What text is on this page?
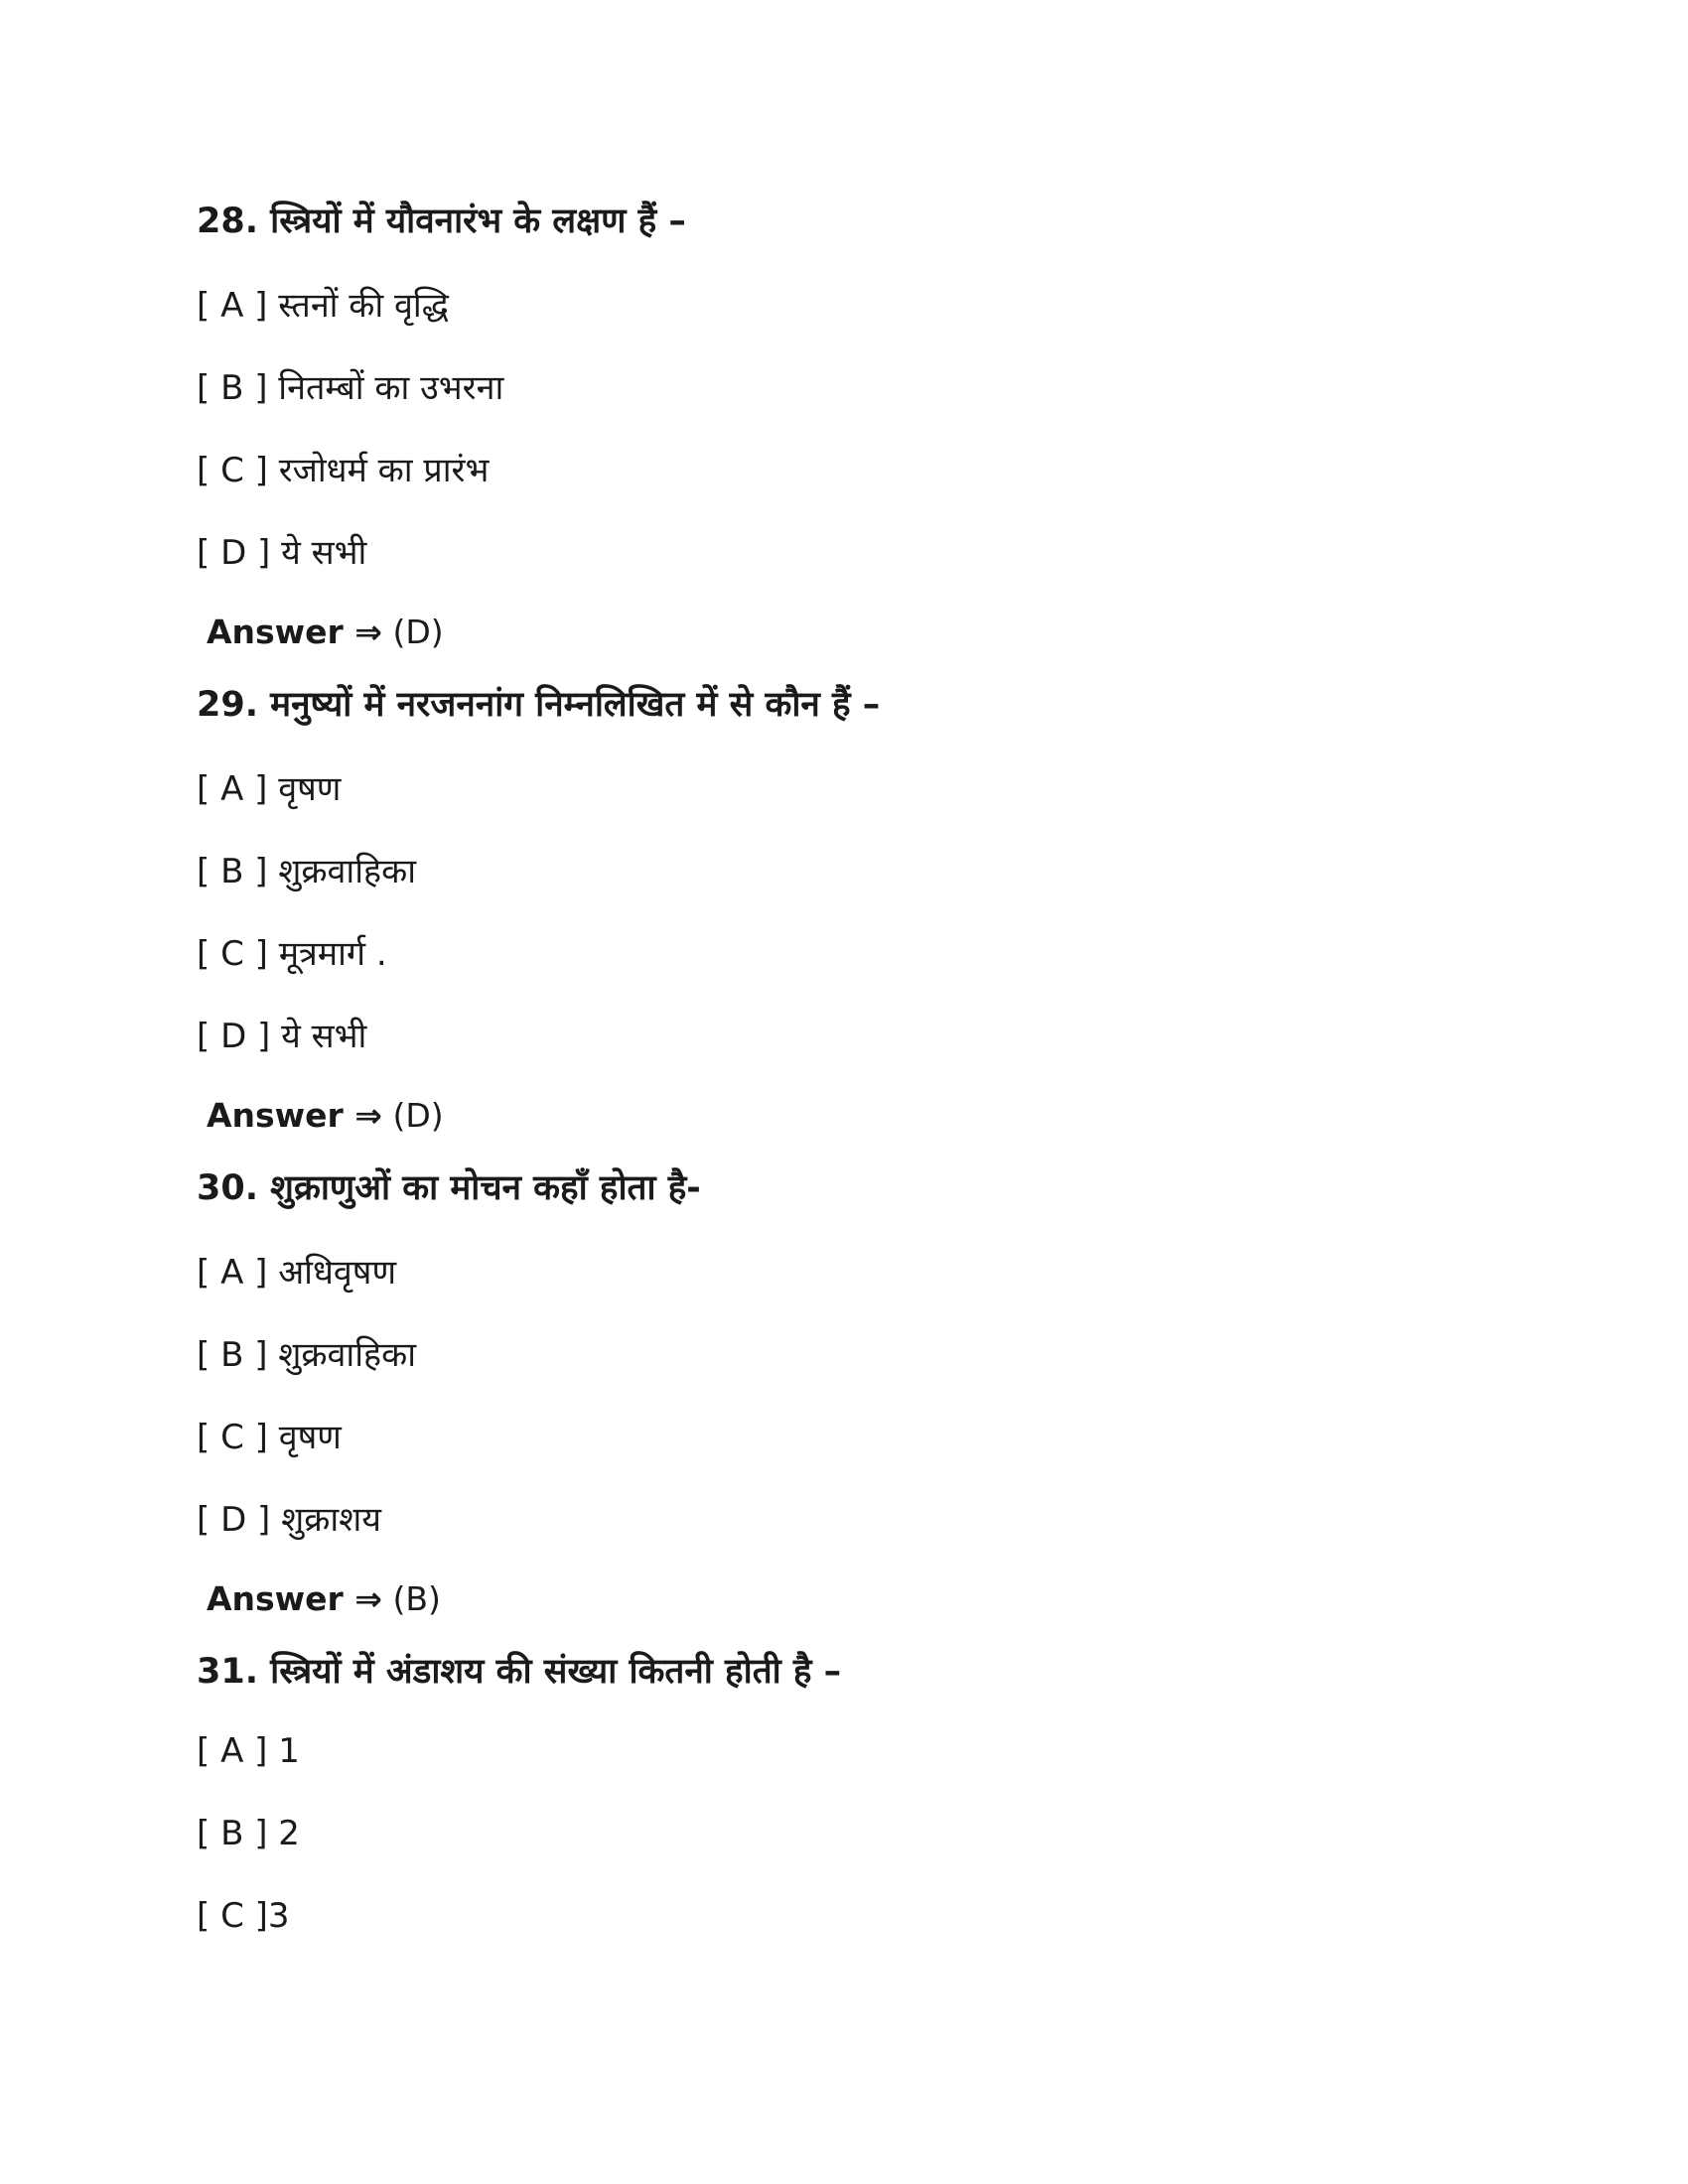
28. स्त्रियों में यौवनारंभ के लक्षण हैं –
[ A ] स्तनों की वृद्धि
[ B ] नितम्बों का उभरना
[ C ] रजोधर्म का प्रारंभ
[ D ] ये सभी
Answer ⇒ (D)
29. मनुष्यों में नरजननांग निम्नलिखित में से कौन हैं –
[ A ] वृषण
[ B ] शुक्रवाहिका
[ C ] मूत्रमार्ग .
[ D ] ये सभी
Answer ⇒ (D)
30. शुक्राणुओं का मोचन कहाँ होता है-
[ A ] अधिवृषण
[ B ] शुक्रवाहिका
[ C ] वृषण
[ D ] शुक्राशय
Answer ⇒ (B)
31. स्त्रियों में अंडाशय की संख्या कितनी होती है –
[ A ] 1
[ B ] 2
[ C ]3
